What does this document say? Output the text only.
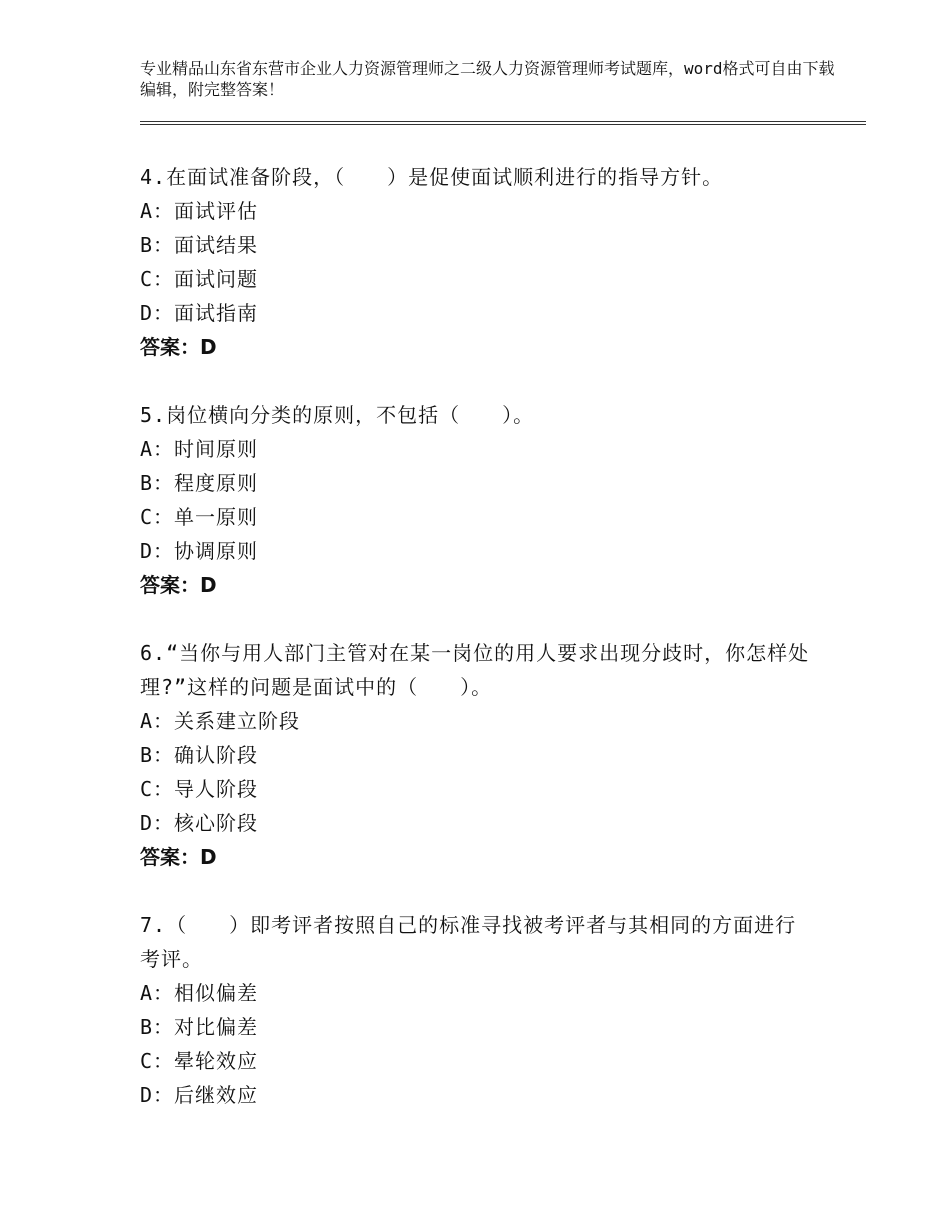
专业精品山东省东营市企业人力资源管理师之二级人力资源管理师考试题库，word格式可自由下载编辑，附完整答案！

4.在面试准备阶段，（　　）是促使面试顺利进行的指导方针。

A：面试评估

B：面试结果

C：面试问题

D：面试指南

答案：D

5.岗位横向分类的原则，不包括（　　）。

A：时间原则

B：程度原则

C：单一原则

D：协调原则

答案：D

6.“当你与用人部门主管对在某一岗位的用人要求出现分歧时，你怎样处理?”这样的问题是面试中的（　　）。

A：关系建立阶段

B：确认阶段

C：导人阶段

D：核心阶段

答案：D

7.（　　）即考评者按照自己的标准寻找被考评者与其相同的方面进行考评。

A：相似偏差

B：对比偏差

C：晕轮效应

D：后继效应
